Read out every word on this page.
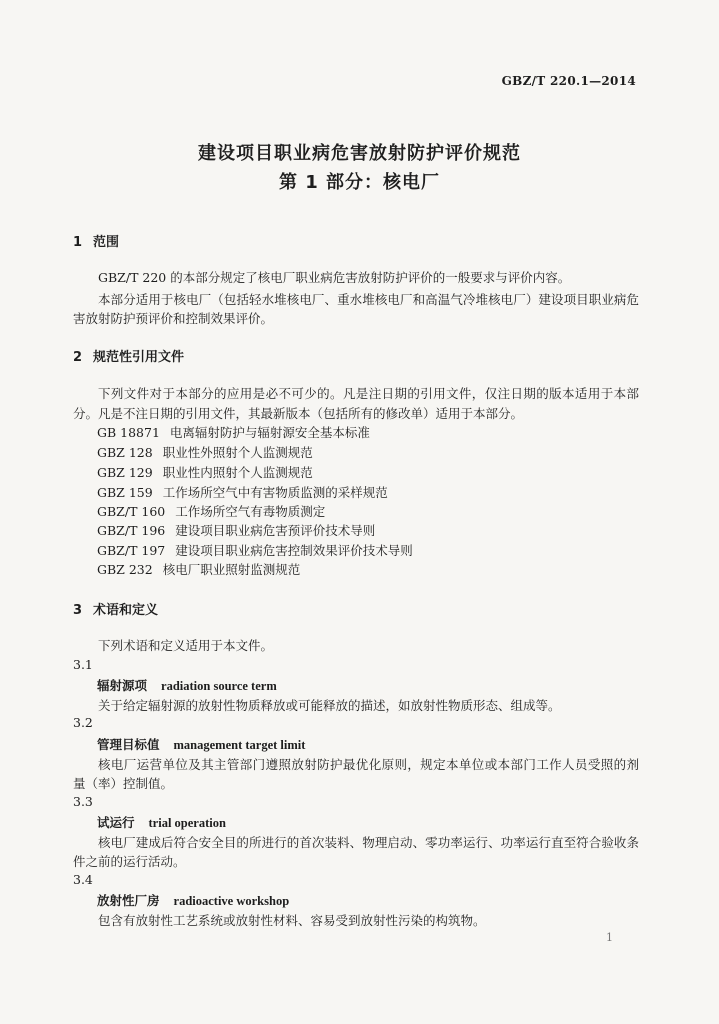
GBZ/T 220.1—2014
建设项目职业病危害放射防护评价规范
第 1 部分：核电厂
1 范围
GBZ/T 220 的本部分规定了核电厂职业病危害放射防护评价的一般要求与评价内容。
本部分适用于核电厂（包括轻水堆核电厂、重水堆核电厂和高温气冷堆核电厂）建设项目职业病危
害放射防护预评价和控制效果评价。
2 规范性引用文件
下列文件对于本部分的应用是必不可少的。凡是注日期的引用文件，仅注日期的版本适用于本部
分。凡是不注日期的引用文件，其最新版本（包括所有的修改单）适用于本部分。
GB 18871 电离辐射防护与辐射源安全基本标准
GBZ 128 职业性外照射个人监测规范
GBZ 129 职业性内照射个人监测规范
GBZ 159 工作场所空气中有害物质监测的采样规范
GBZ/T 160 工作场所空气有毒物质测定
GBZ/T 196 建设项目职业病危害预评价技术导则
GBZ/T 197 建设项目职业病危害控制效果评价技术导则
GBZ 232 核电厂职业照射监测规范
3 术语和定义
下列术语和定义适用于本文件。
3.1
辐射源项 radiation source term
关于给定辐射源的放射性物质释放或可能释放的描述，如放射性物质形态、组成等。
3.2
管理目标值 management target limit
核电厂运营单位及其主管部门遵照放射防护最优化原则，规定本单位或本部门工作人员受照的剂
量（率）控制值。
3.3
试运行 trial operation
核电厂建成后符合安全目的所进行的首次装料、物理启动、零功率运行、功率运行直至符合验收条
件之前的运行活动。
3.4
放射性厂房 radioactive workshop
包含有放射性工艺系统或放射性材料、容易受到放射性污染的构筑物。
1
